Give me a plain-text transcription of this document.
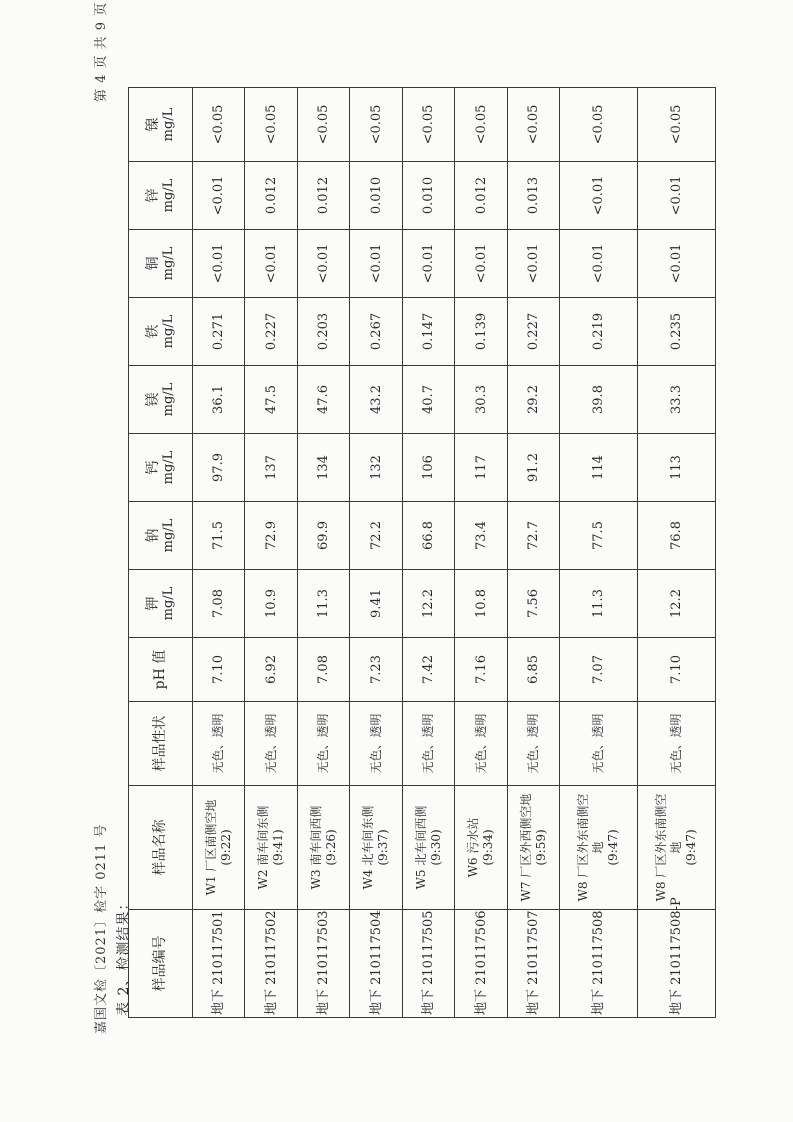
嘉国文检〔2021〕检字 0211 号
第 4 页 共 9 页
表 2、检测结果： 样品编号	样品名称	样品性状	pH 值	钾 mg/L	钠 mg/L	钙 mg/L	镁 mg/L	铁 mg/L	铜 mg/L	锌 mg/L	镍 mg/L

地下 210117501	W1 厂区南侧空地 (9:22)	无色、透明	7.10	7.08	71.5	97.9	36.1	0.271	<0.01	<0.01	<0.05
地下 210117502	W2 南车间东侧 (9:41)	无色、透明	6.92	10.9	72.9	137	47.5	0.227	<0.01	0.012	<0.05
地下 210117503	W3 南车间西侧 (9:26)	无色、透明	7.08	11.3	69.9	134	47.6	0.203	<0.01	0.012	<0.05
地下 210117504	W4 北车间东侧 (9:37)	无色、透明	7.23	9.41	72.2	132	43.2	0.267	<0.01	0.010	<0.05
地下 210117505	W5 北车间西侧 (9:30)	无色、透明	7.42	12.2	66.8	106	40.7	0.147	<0.01	0.010	<0.05
地下 210117506	W6 污水站 (9:34)	无色、透明	7.16	10.8	73.4	117	30.3	0.139	<0.01	0.012	<0.05
地下 210117507	W7 厂区外西侧空地 (9:59)	无色、透明	6.85	7.56	72.7	91.2	29.2	0.227	<0.01	0.013	<0.05
地下 210117508	W8 厂区外东南侧空地 (9:47)	无色、透明	7.07	11.3	77.5	114	39.8	0.219	<0.01	<0.01	<0.05
地下 210117508-P	W8 厂区外东南侧空地 (9:47)	无色、透明	7.10	12.2	76.8	113	33.3	0.235	<0.01	<0.01	<0.05
